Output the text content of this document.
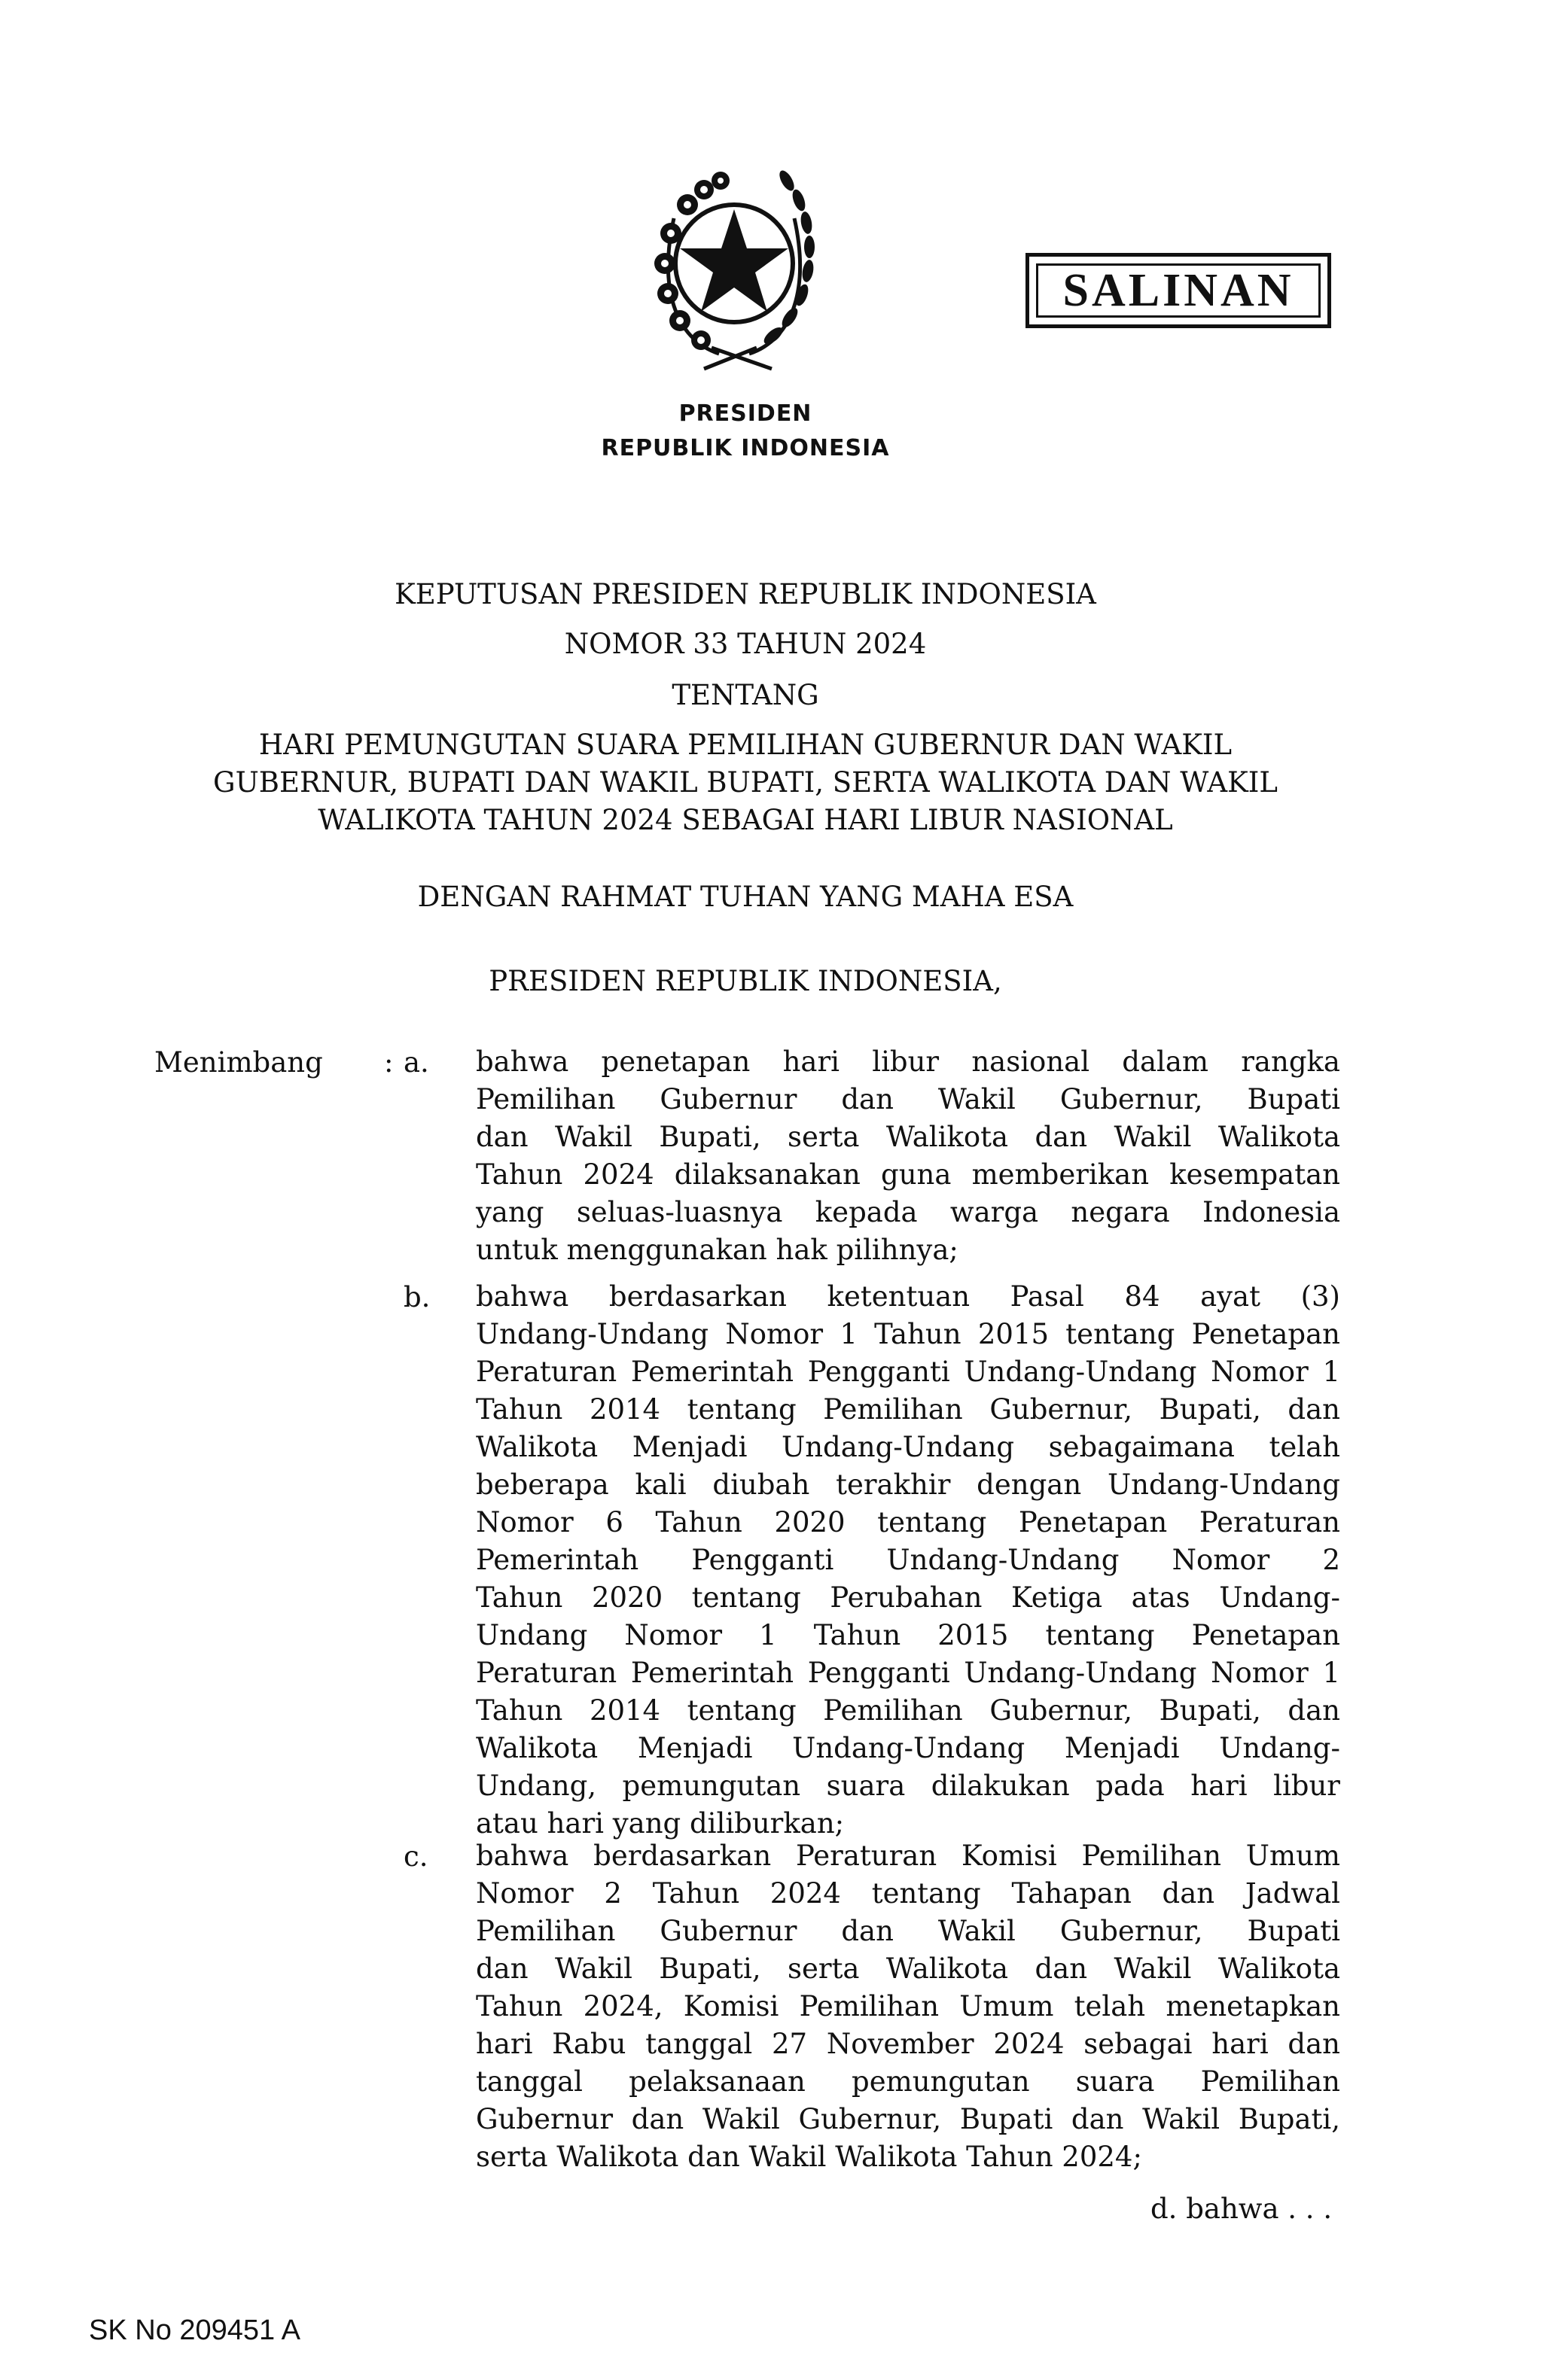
SALINAN
PRESIDEN
REPUBLIK INDONESIA
KEPUTUSAN PRESIDEN REPUBLIK INDONESIA
NOMOR 33 TAHUN 2024
TENTANG
HARI PEMUNGUTAN SUARA PEMILIHAN GUBERNUR DAN WAKIL
GUBERNUR, BUPATI DAN WAKIL BUPATI, SERTA WALIKOTA DAN WAKIL
WALIKOTA TAHUN 2024 SEBAGAI HARI LIBUR NASIONAL
DENGAN RAHMAT TUHAN YANG MAHA ESA
PRESIDEN REPUBLIK INDONESIA,
Menimbang : a. bahwa penetapan hari libur nasional dalam rangka
Pemilihan Gubernur dan Wakil Gubernur, Bupati
dan Wakil Bupati, serta Walikota dan Wakil Walikota
Tahun 2024 dilaksanakan guna memberikan kesempatan
yang seluas-luasnya kepada warga negara Indonesia
untuk menggunakan hak pilihnya;
b. bahwa berdasarkan ketentuan Pasal 84 ayat (3)
Undang-Undang Nomor 1 Tahun 2015 tentang Penetapan
Peraturan Pemerintah Pengganti Undang-Undang Nomor 1
Tahun 2014 tentang Pemilihan Gubernur, Bupati, dan
Walikota Menjadi Undang-Undang sebagaimana telah
beberapa kali diubah terakhir dengan Undang-Undang
Nomor 6 Tahun 2020 tentang Penetapan Peraturan
Pemerintah Pengganti Undang-Undang Nomor 2
Tahun 2020 tentang Perubahan Ketiga atas Undang-
Undang Nomor 1 Tahun 2015 tentang Penetapan
Peraturan Pemerintah Pengganti Undang-Undang Nomor 1
Tahun 2014 tentang Pemilihan Gubernur, Bupati, dan
Walikota Menjadi Undang-Undang Menjadi Undang-
Undang, pemungutan suara dilakukan pada hari libur
atau hari yang diliburkan;
c. bahwa berdasarkan Peraturan Komisi Pemilihan Umum
Nomor 2 Tahun 2024 tentang Tahapan dan Jadwal
Pemilihan Gubernur dan Wakil Gubernur, Bupati
dan Wakil Bupati, serta Walikota dan Wakil Walikota
Tahun 2024, Komisi Pemilihan Umum telah menetapkan
hari Rabu tanggal 27 November 2024 sebagai hari dan
tanggal pelaksanaan pemungutan suara Pemilihan
Gubernur dan Wakil Gubernur, Bupati dan Wakil Bupati,
serta Walikota dan Wakil Walikota Tahun 2024;
d. bahwa . . .
SK No 209451 A
